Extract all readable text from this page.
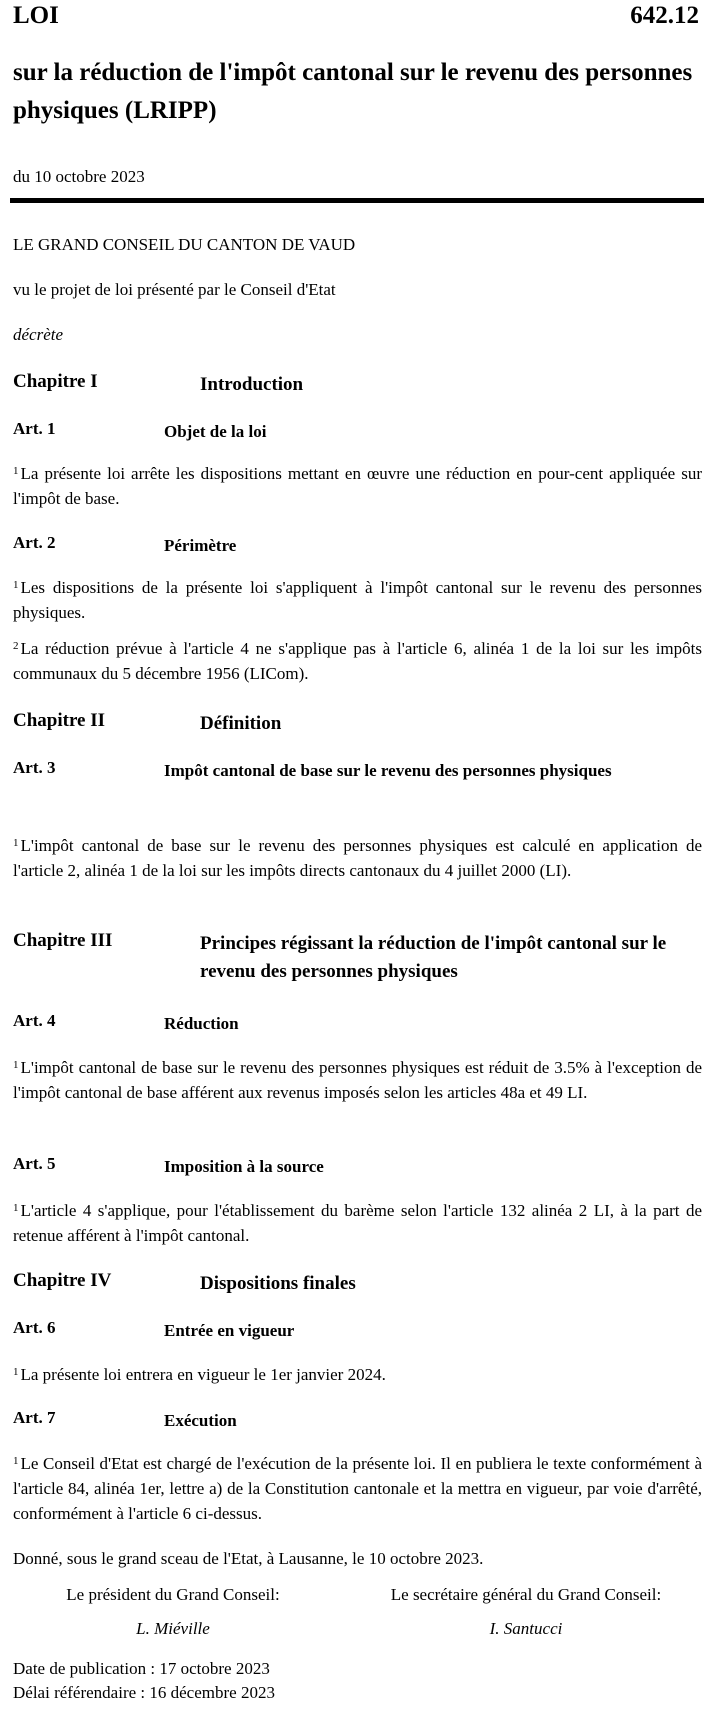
LOI	642.12
sur la réduction de l'impôt cantonal sur le revenu des personnes physiques (LRIPP)
du 10 octobre 2023
LE GRAND CONSEIL DU CANTON DE VAUD
vu le projet de loi présenté par le Conseil d'Etat
décrète
Chapitre I	Introduction
Art. 1	Objet de la loi
$^1$ La présente loi arrête les dispositions mettant en œuvre une réduction en pour-cent appliquée sur l'impôt de base.
Art. 2	Périmètre
$^1$ Les dispositions de la présente loi s'appliquent à l'impôt cantonal sur le revenu des personnes physiques.
$^2$ La réduction prévue à l'article 4 ne s'applique pas à l'article 6, alinéa 1 de la loi sur les impôts communaux du 5 décembre 1956 (LICom).
Chapitre II	Définition
Art. 3	Impôt cantonal de base sur le revenu des personnes physiques
$^1$ L'impôt cantonal de base sur le revenu des personnes physiques est calculé en application de l'article 2, alinéa 1 de la loi sur les impôts directs cantonaux du 4 juillet 2000 (LI).
Chapitre III	Principes régissant la réduction de l'impôt cantonal sur le revenu des personnes physiques
Art. 4	Réduction
$^1$ L'impôt cantonal de base sur le revenu des personnes physiques est réduit de 3.5% à l'exception de l'impôt cantonal de base afférent aux revenus imposés selon les articles 48a et 49 LI.
Art. 5	Imposition à la source
$^1$ L'article 4 s'applique, pour l'établissement du barème selon l'article 132 alinéa 2 LI, à la part de retenue afférent à l'impôt cantonal.
Chapitre IV	Dispositions finales
Art. 6	Entrée en vigueur
$^1$ La présente loi entrera en vigueur le 1er janvier 2024.
Art. 7	Exécution
$^1$ Le Conseil d'Etat est chargé de l'exécution de la présente loi. Il en publiera le texte conformément à l'article 84, alinéa 1er, lettre a) de la Constitution cantonale et la mettra en vigueur, par voie d'arrêté, conformément à l'article 6 ci-dessus.
Donné, sous le grand sceau de l'Etat, à Lausanne, le 10 octobre 2023.
Le président du Grand Conseil:
L. Miéville
Le secrétaire général du Grand Conseil:
I. Santucci
Date de publication : 17 octobre 2023
Délai référendaire : 16 décembre 2023
